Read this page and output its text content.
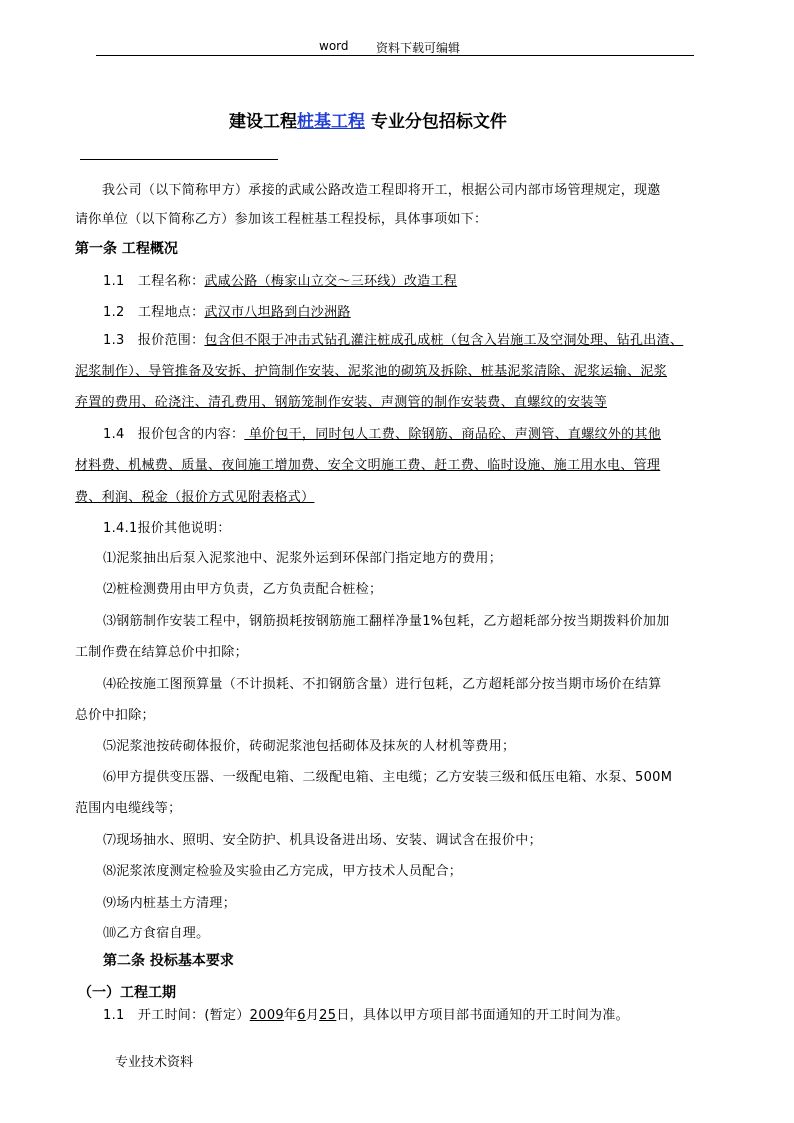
word 资料下载可编辑
建设工程桩基工程 专业分包招标文件
我公司（以下简称甲方）承接的武咸公路改造工程即将开工，根据公司内部市场管理规定，现邀
请你单位（以下简称乙方）参加该工程桩基工程投标，具体事项如下：
第一条 工程概况
1.1 工程名称：武咸公路（梅家山立交～三环线）改造工程
1.2 工程地点：武汉市八坦路到白沙洲路
1.3 报价范围：包含但不限于冲击式钻孔灌注桩成孔成桩（包含入岩施工及空洞处理、钻孔出渣、
泥浆制作）、导管推备及安拆、护筒制作安装、泥浆池的砌筑及拆除、桩基泥浆清除、泥浆运输、泥浆
弃置的费用、砼浇注、清孔费用、钢筋笼制作安装、声测管的制作安装费、直螺纹的安装等
1.4 报价包含的内容： 单价包干，同时包人工费、除钢筋、商品砼、声测管、直螺纹外的其他
材料费、机械费、质量、夜间施工增加费、安全文明施工费、赶工费、临时设施、施工用水电、管理
费、利润、税金（报价方式见附表格式）
1.4.1报价其他说明：
⑴泥浆抽出后泵入泥浆池中、泥浆外运到环保部门指定地方的费用；
⑵桩检测费用由甲方负责，乙方负责配合桩检；
⑶钢筋制作安装工程中，钢筋损耗按钢筋施工翻样净量1%包耗，乙方超耗部分按当期拨料价加加
工制作费在结算总价中扣除；
⑷砼按施工图预算量（不计损耗、不扣钢筋含量）进行包耗，乙方超耗部分按当期市场价在结算
总价中扣除；
⑸泥浆池按砖砌体报价，砖砌泥浆池包括砌体及抹灰的人材机等费用；
⑹甲方提供变压器、一级配电箱、二级配电箱、主电缆；乙方安装三级和低压电箱、水泵、500M
范围内电缆线等；
⑺现场抽水、照明、安全防护、机具设备进出场、安装、调试含在报价中；
⑻泥浆浓度测定检验及实验由乙方完成，甲方技术人员配合；
⑼场内桩基土方清理；
⑽乙方食宿自理。
第二条 投标基本要求
（一）工程工期
1.1 开工时间：(暂定）2009年6月25日，具体以甲方项目部书面通知的开工时间为准。
专业技术资料
